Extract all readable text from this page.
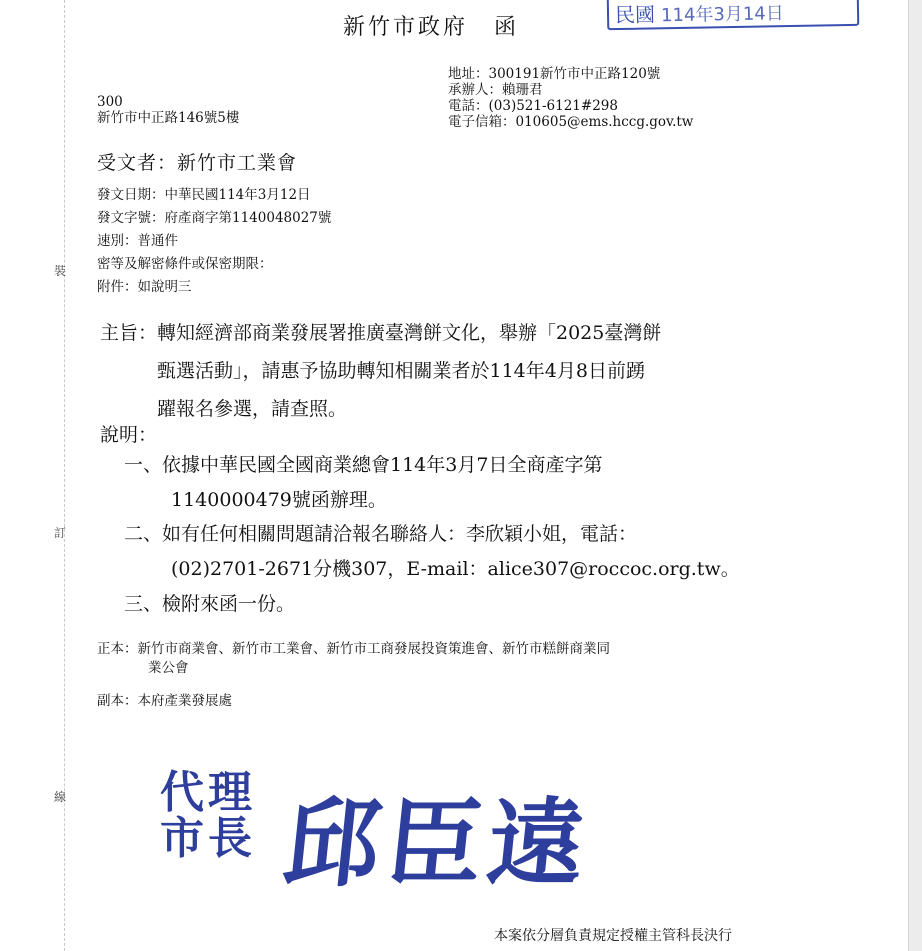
裝
訂
線
新竹市政府 函
民國 114年3月14日
地址：300191新竹市中正路120號
承辦人：賴珊君
電話：(03)521-6121#298
電子信箱：010605@ems.hccg.gov.tw
300
新竹市中正路146號5樓
受文者：新竹市工業會
發文日期：中華民國114年3月12日
發文字號：府產商字第1140048027號
速別：普通件
密等及解密條件或保密期限：
附件：如說明三
主旨：轉知經濟部商業發展署推廣臺灣餅文化，舉辦「2025臺灣餅
甄選活動」，請惠予協助轉知相關業者於114年4月8日前踴
躍報名參選，請查照。
說明：
一、依據中華民國全國商業總會114年3月7日全商產字第
1140000479號函辦理。
二、如有任何相關問題請洽報名聯絡人：李欣穎小姐，電話：
(02)2701-2671分機307，E-mail：alice307@roccoc.org.tw。
三、檢附來函一份。
正本：新竹市商業會、新竹市工業會、新竹市工商發展投資策進會、新竹市糕餅商業同
業公會
副本：本府產業發展處
代理
市長 邱臣遠
本案依分層負責規定授權主管科長決行
